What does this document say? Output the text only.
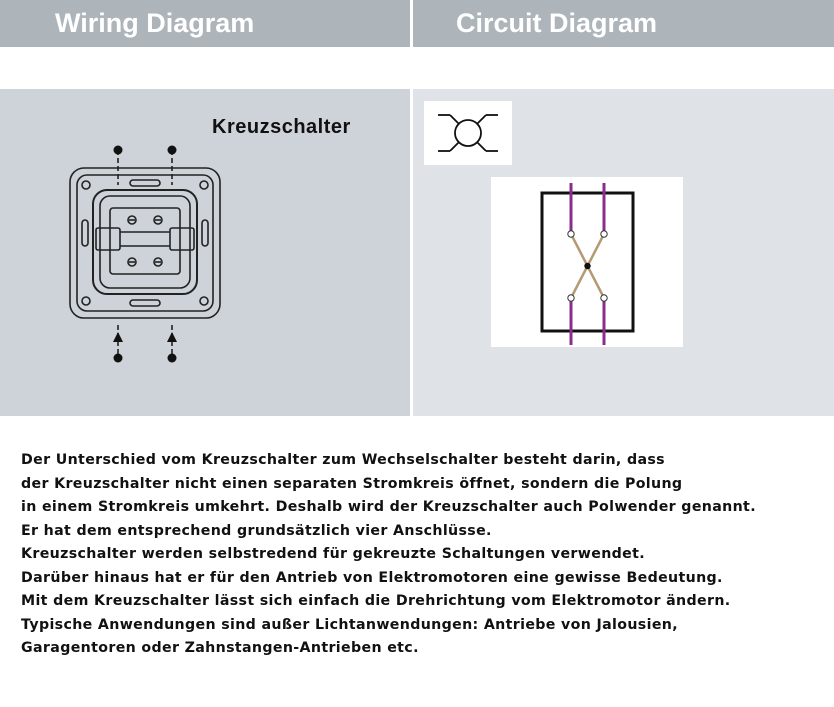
Wiring Diagram	Circuit Diagram
Kreuzschalter
Der Unterschied vom Kreuzschalter zum Wechselschalter besteht darin, dass
der Kreuzschalter nicht einen separaten Stromkreis öffnet, sondern die Polung
in einem Stromkreis umkehrt. Deshalb wird der Kreuzschalter auch Polwender genannt.
Er hat dem entsprechend grundsätzlich vier Anschlüsse.
Kreuzschalter werden selbstredend für gekreuzte Schaltungen verwendet.
Darüber hinaus hat er für den Antrieb von Elektromotoren eine gewisse Bedeutung.
Mit dem Kreuzschalter lässt sich einfach die Drehrichtung vom Elektromotor ändern.
Typische Anwendungen sind außer Lichtanwendungen: Antriebe von Jalousien,
Garagentoren oder Zahnstangen-Antrieben etc.
